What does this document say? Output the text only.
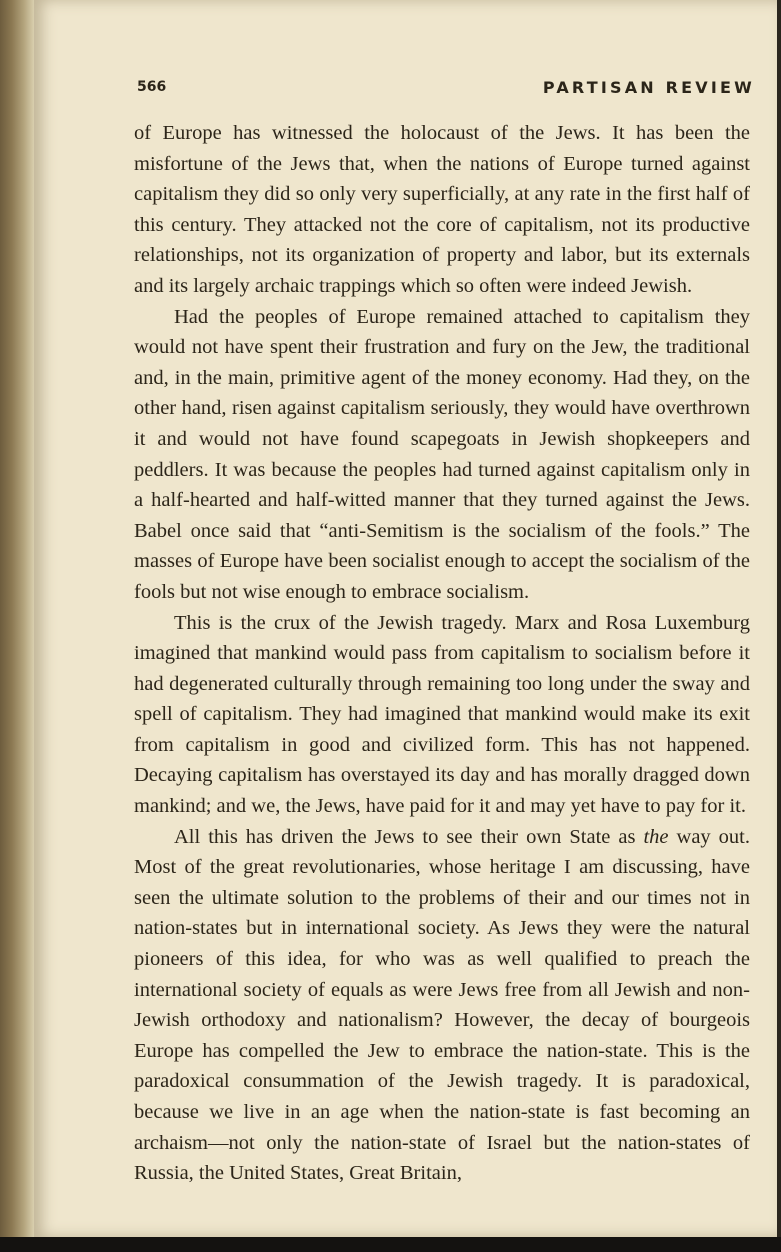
566	PARTISAN REVIEW

of Europe has witnessed the holocaust of the Jews. It has been the misfortune of the Jews that, when the nations of Europe turned against capitalism they did so only very superficially, at any rate in the first half of this century. They attacked not the core of capitalism, not its productive relationships, not its organization of property and labor, but its externals and its largely archaic trappings which so often were indeed Jewish.

Had the peoples of Europe remained attached to capitalism they would not have spent their frustration and fury on the Jew, the traditional and, in the main, primitive agent of the money economy. Had they, on the other hand, risen against capitalism seriously, they would have overthrown it and would not have found scapegoats in Jewish shopkeepers and peddlers. It was because the peoples had turned against capitalism only in a half-hearted and half-witted manner that they turned against the Jews. Babel once said that “anti-Semitism is the socialism of the fools.” The masses of Europe have been socialist enough to accept the socialism of the fools but not wise enough to embrace socialism.

This is the crux of the Jewish tragedy. Marx and Rosa Luxemburg imagined that mankind would pass from capitalism to socialism before it had degenerated culturally through remaining too long under the sway and spell of capitalism. They had imagined that mankind would make its exit from capitalism in good and civilized form. This has not happened. Decaying capitalism has overstayed its day and has morally dragged down mankind; and we, the Jews, have paid for it and may yet have to pay for it.

All this has driven the Jews to see their own State as the way out. Most of the great revolutionaries, whose heritage I am discussing, have seen the ultimate solution to the problems of their and our times not in nation-states but in international society. As Jews they were the natural pioneers of this idea, for who was as well qualified to preach the international society of equals as were Jews free from all Jewish and non-Jewish orthodoxy and nationalism? However, the decay of bourgeois Europe has compelled the Jew to embrace the nation-state. This is the paradoxical consummation of the Jewish tragedy. It is paradoxical, because we live in an age when the nation-state is fast becoming an archaism—not only the nation-state of Israel but the nation-states of Russia, the United States, Great Britain,
